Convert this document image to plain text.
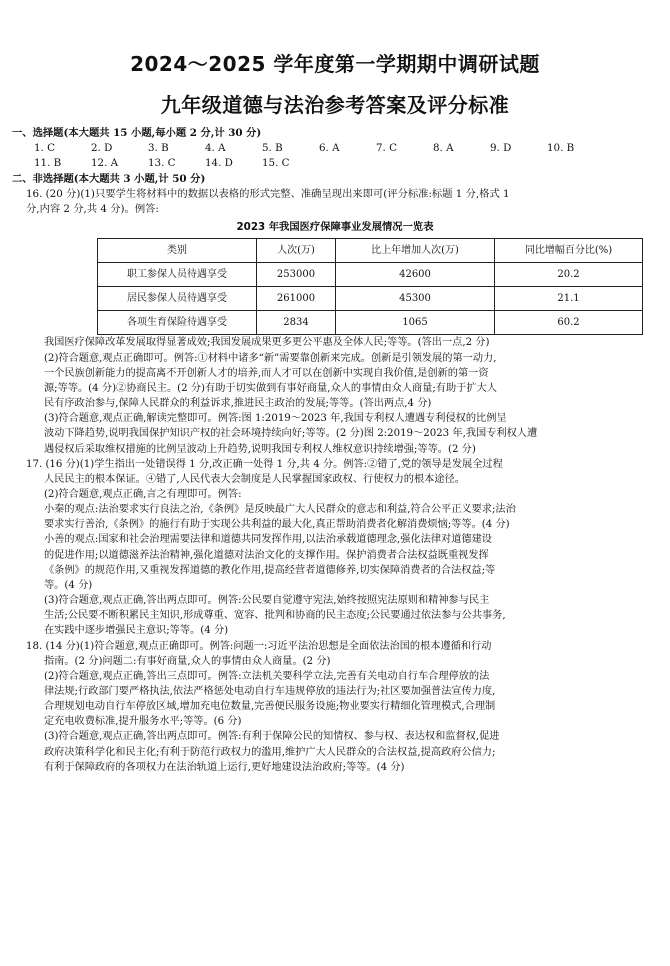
2024～2025 学年度第一学期期中调研试题
九年级道德与法治参考答案及评分标准
一、选择题(本大题共 15 小题,每小题 2 分,计 30 分)
1. C	2. D	3. B	4. A	5. B	6. A	7. C	8. A	9. D	10. B
11. B	12. A	13. C	14. D	15. C
二、非选择题(本大题共 3 小题,计 50 分)
16. (20 分)(1)只要学生将材料中的数据以表格的形式完整、准确呈现出来即可(评分标准:标题 1 分,格式 1
分,内容 2 分,共 4 分)。例答:
2023 年我国医疗保障事业发展情况一览表
类别	人次(万)	比上年增加人次(万)	同比增幅百分比(%)
职工参保人员待遇享受	253000	42600	20.2
居民参保人员待遇享受	261000	45300	21.1
各项生育保险待遇享受	2834	1065	60.2
我国医疗保障改革发展取得显著成效;我国发展成果更多更公平惠及全体人民;等等。(答出一点,2 分)
(2)符合题意,观点正确即可。例答:①材料中诸多“新”需要靠创新来完成。创新是引领发展的第一动力,
一个民族创新能力的提高离不开创新人才的培养,而人才可以在创新中实现自我价值,是创新的第一资
源;等等。(4 分)②协商民主。(2 分)有助于切实做到有事好商量,众人的事情由众人商量;有助于扩大人
民有序政治参与,保障人民群众的利益诉求,推进民主政治的发展;等等。(答出两点,4 分)
(3)符合题意,观点正确,解读完整即可。例答:图 1:2019～2023 年,我国专利权人遭遇专利侵权的比例呈
波动下降趋势,说明我国保护知识产权的社会环境持续向好;等等。(2 分)图 2:2019～2023 年,我国专利权人遭
遇侵权后采取维权措施的比例呈波动上升趋势,说明我国专利权人维权意识持续增强;等等。(2 分)
17. (16 分)(1)学生指出一处错误得 1 分,改正确一处得 1 分,共 4 分。例答:②错了,党的领导是发展全过程
人民民主的根本保证。④错了,人民代表大会制度是人民掌握国家政权、行使权力的根本途径。
(2)符合题意,观点正确,言之有理即可。例答:
小秦的观点:法治要求实行良法之治,《条例》是反映最广大人民群众的意志和利益,符合公平正义要求;法治
要求实行善治,《条例》的施行有助于实现公共利益的最大化,真正帮助消费者化解消费烦恼;等等。(4 分)
小善的观点:国家和社会治理需要法律和道德共同发挥作用,以法治承载道德理念,强化法律对道德建设
的促进作用;以道德滋养法治精神,强化道德对法治文化的支撑作用。保护消费者合法权益既重视发挥
《条例》的规范作用,又重视发挥道德的教化作用,提高经营者道德修养,切实保障消费者的合法权益;等
等。(4 分)
(3)符合题意,观点正确,答出两点即可。例答:公民要自觉遵守宪法,始终按照宪法原则和精神参与民主
生活;公民要不断积累民主知识,形成尊重、宽容、批判和协商的民主态度;公民要通过依法参与公共事务,
在实践中逐步增强民主意识;等等。(4 分)
18. (14 分)(1)符合题意,观点正确即可。例答:问题一:习近平法治思想是全面依法治国的根本遵循和行动
指南。(2 分)问题二:有事好商量,众人的事情由众人商量。(2 分)
(2)符合题意,观点正确,答出三点即可。例答:立法机关要科学立法,完善有关电动自行车合理停放的法
律法规;行政部门要严格执法,依法严格惩处电动自行车违规停放的违法行为;社区要加强普法宣传力度,
合理规划电动自行车停放区域,增加充电位数量,完善便民服务设施;物业要实行精细化管理模式,合理制
定充电收费标准,提升服务水平;等等。(6 分)
(3)符合题意,观点正确,答出两点即可。例答:有利于保障公民的知情权、参与权、表达权和监督权,促进
政府决策科学化和民主化;有利于防范行政权力的滥用,维护广大人民群众的合法权益,提高政府公信力;
有利于保障政府的各项权力在法治轨道上运行,更好地建设法治政府;等等。(4 分)
